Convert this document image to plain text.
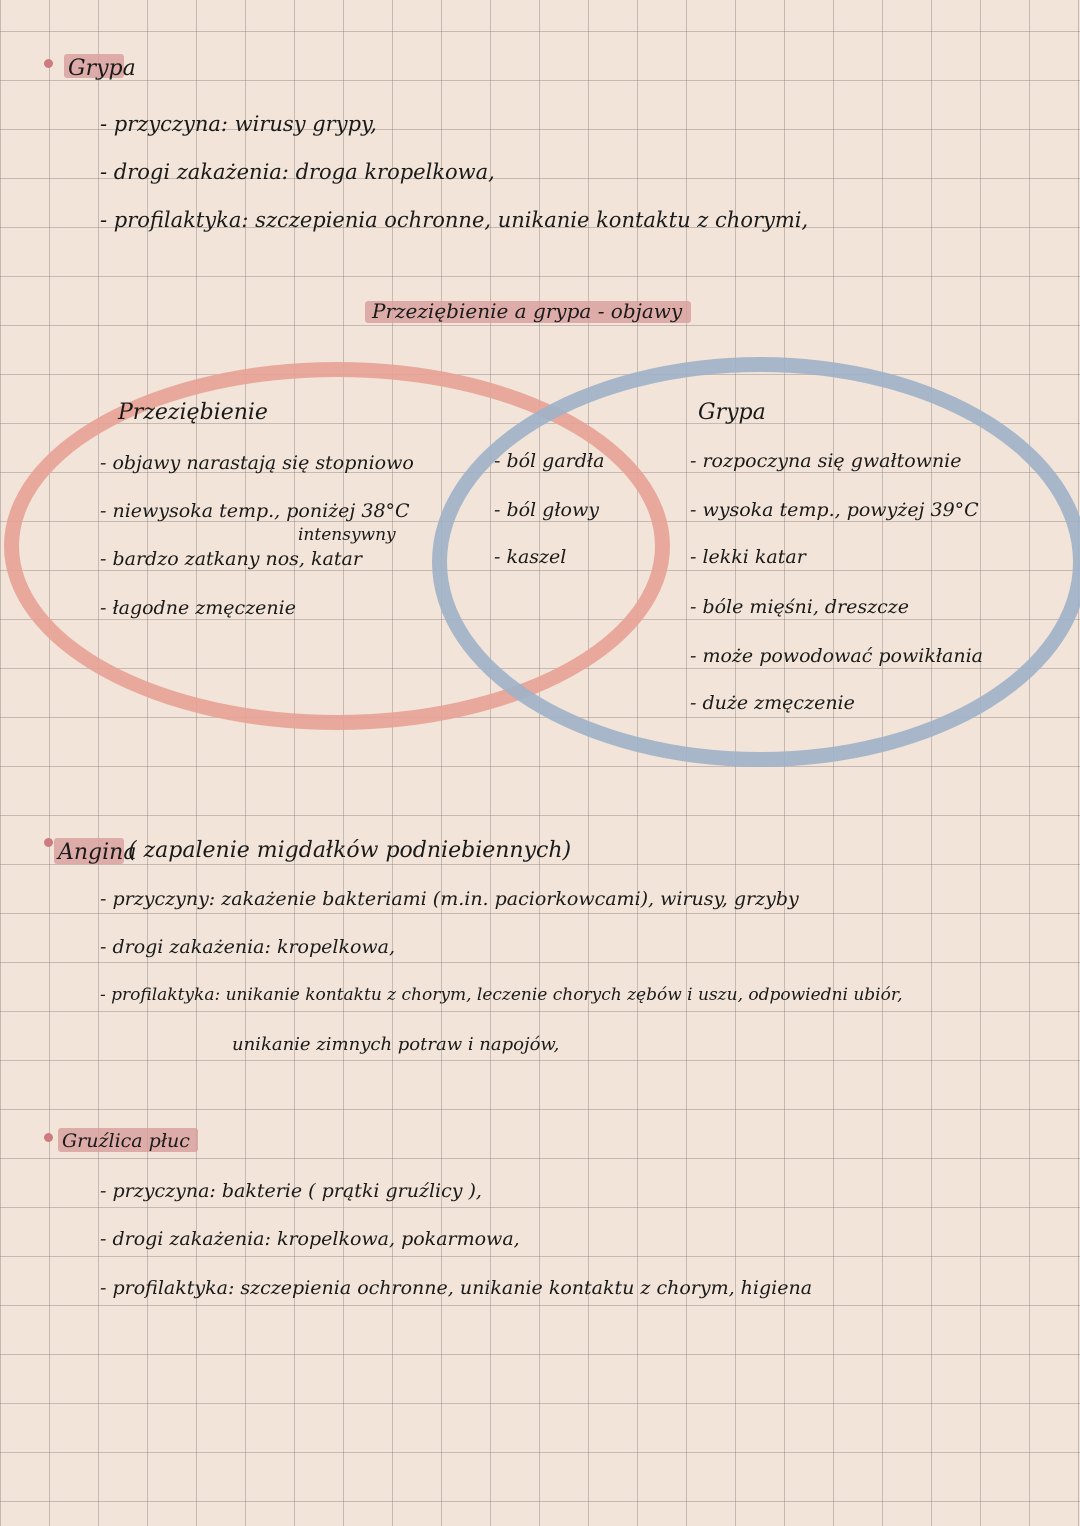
Grypa
- przyczyna: wirusy grypy,
- drogi zakażenia: droga kropelkowa,
- profilaktyka: szczepienia ochronne, unikanie kontaktu z chorymi,
Przeziębienie a grypa - objawy
Przeziębienie
- objawy narastają się stopniowo
- niewysoka temp., poniżej 38°C
intensywny
- bardzo zatkany nos, katar
- łagodne zmęczenie
- ból gardła
- ból głowy
- kaszel
Grypa
- rozpoczyna się gwałtownie
- wysoka temp., powyżej 39°C
- lekki katar
- bóle mięśni, dreszcze
- może powodować powikłania
- duże zmęczenie
Angina
( zapalenie migdałków podniebiennych)
- przyczyny: zakażenie bakteriami (m.in. paciorkowcami), wirusy, grzyby
- drogi zakażenia: kropelkowa,
- profilaktyka: unikanie kontaktu z chorym, leczenie chorych zębów i uszu, odpowiedni ubiór,
unikanie zimnych potraw i napojów,
Gruźlica płuc
- przyczyna: bakterie ( prątki gruźlicy ),
- drogi zakażenia: kropelkowa, pokarmowa,
- profilaktyka: szczepienia ochronne, unikanie kontaktu z chorym, higiena
